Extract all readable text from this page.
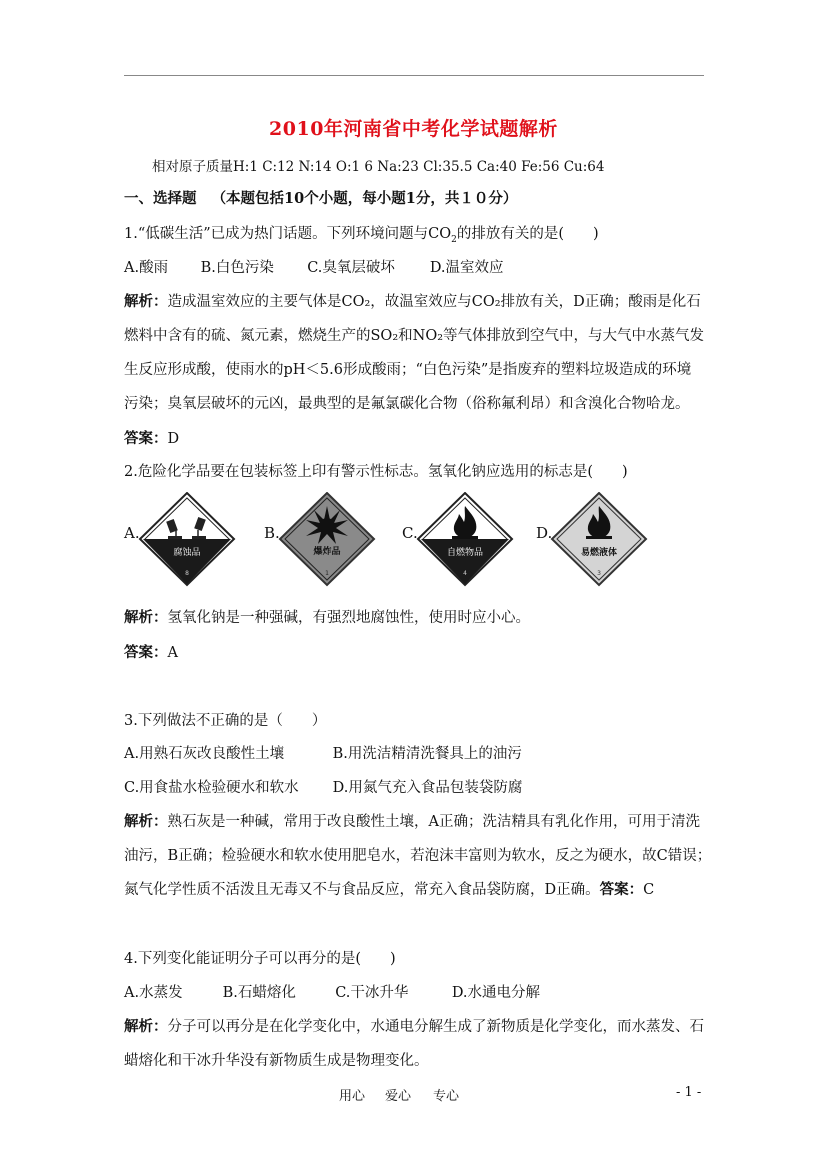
2010年河南省中考化学试题解析
相对原子质量H:1 C:12 N:14 O:1 6 Na:23 Cl:35.5 Ca:40 Fe:56 Cu:64
一、选择题 （本题包括10个小题，每小题1分，共１０分）
1.“低碳生活”已成为热门话题。下列环境问题与$CO_2$的排放有关的是(　　)
A.酸雨 B.白色污染 C.臭氧层破坏 D.温室效应
解析：造成温室效应的主要气体是CO₂，故温室效应与CO₂排放有关，D正确；酸雨是化石
燃料中含有的硫、氮元素，燃烧生产的SO₂和NO₂等气体排放到空气中，与大气中水蒸气发
生反应形成酸，使雨水的pH＜5.6形成酸雨；“白色污染”是指废弃的塑料垃圾造成的环境
污染；臭氧层破坏的元凶，最典型的是氟氯碳化合物（俗称氟利昂）和含溴化合物哈龙。
答案：D
2.危险化学品要在包装标签上印有警示性标志。氢氧化钠应选用的标志是(　　)
A.
腐蚀品
8
B.
爆炸品
1
C.
自燃物品
4
D.
易燃液体
3
解析：氢氧化钠是一种强碱，有强烈地腐蚀性，使用时应小心。
答案：A
3.下列做法不正确的是（　　）
A.用熟石灰改良酸性土壤	B.用洗洁精清洗餐具上的油污
C.用食盐水检验硬水和软水 D.用氮气充入食品包装袋防腐
解析：熟石灰是一种碱，常用于改良酸性土壤，A正确；洗洁精具有乳化作用，可用于清洗
油污，B正确；检验硬水和软水使用肥皂水，若泡沫丰富则为软水，反之为硬水，故C错误；
氮气化学性质不活泼且无毒又不与食品反应，常充入食品袋防腐，D正确。答案：C
4.下列变化能证明分子可以再分的是(　　)
A.水蒸发	B.石蜡熔化	C.干冰升华	D.水通电分解
解析：分子可以再分是在化学变化中，水通电分解生成了新物质是化学变化，而水蒸发、石
蜡熔化和干冰升华没有新物质生成是物理变化。
用心 爱心 专心	- 1 -
